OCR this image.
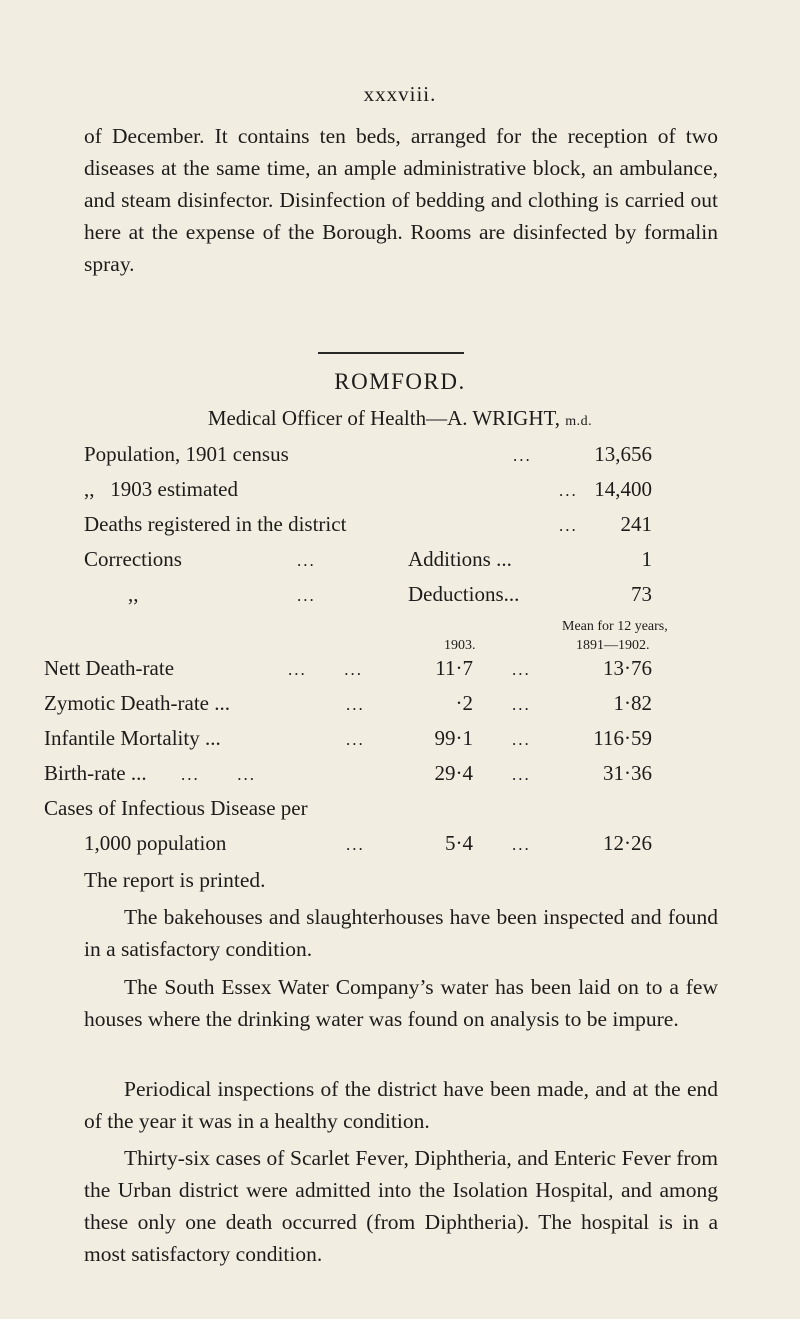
xxxviii.

of December. It contains ten beds, arranged for the reception of two diseases at the same time, an ample administrative block, an ambulance, and steam disinfector. Disinfection of bedding and clothing is carried out here at the expense of the Borough. Rooms are disinfected by formalin spray.

ROMFORD.
Medical Officer of Health—A. WRIGHT, m.d.
Population, 1901 census	...	13,656
,,   1903 estimated	... 14,400
Deaths registered in the district	... 241
Corrections	...	Additions ...	1
,,	...	Deductions...	73
Mean for 12 years,
1903.	1891—1902.
Nett Death-rate	...      ...	11·7 ...	13·76
Zymotic Death-rate ...	...	·2 ...	1·82
Infantile Mortality ...	...	99·1 ...	116·59
Birth-rate ... ...      ...	29·4 ...	31·36
Cases of Infectious Disease per
1,000 population	...	5·4 ...	12·26

The report is printed.

The bakehouses and slaughterhouses have been inspected and found in a satisfactory condition.

The South Essex Water Company’s water has been laid on to a few houses where the drinking water was found on analysis to be impure.

Periodical inspections of the district have been made, and at the end of the year it was in a healthy condition.

Thirty-six cases of Scarlet Fever, Diphtheria, and Enteric Fever from the Urban district were admitted into the Isolation Hospital, and among these only one death occurred (from Diphtheria). The hospital is in a most satisfactory condition.
